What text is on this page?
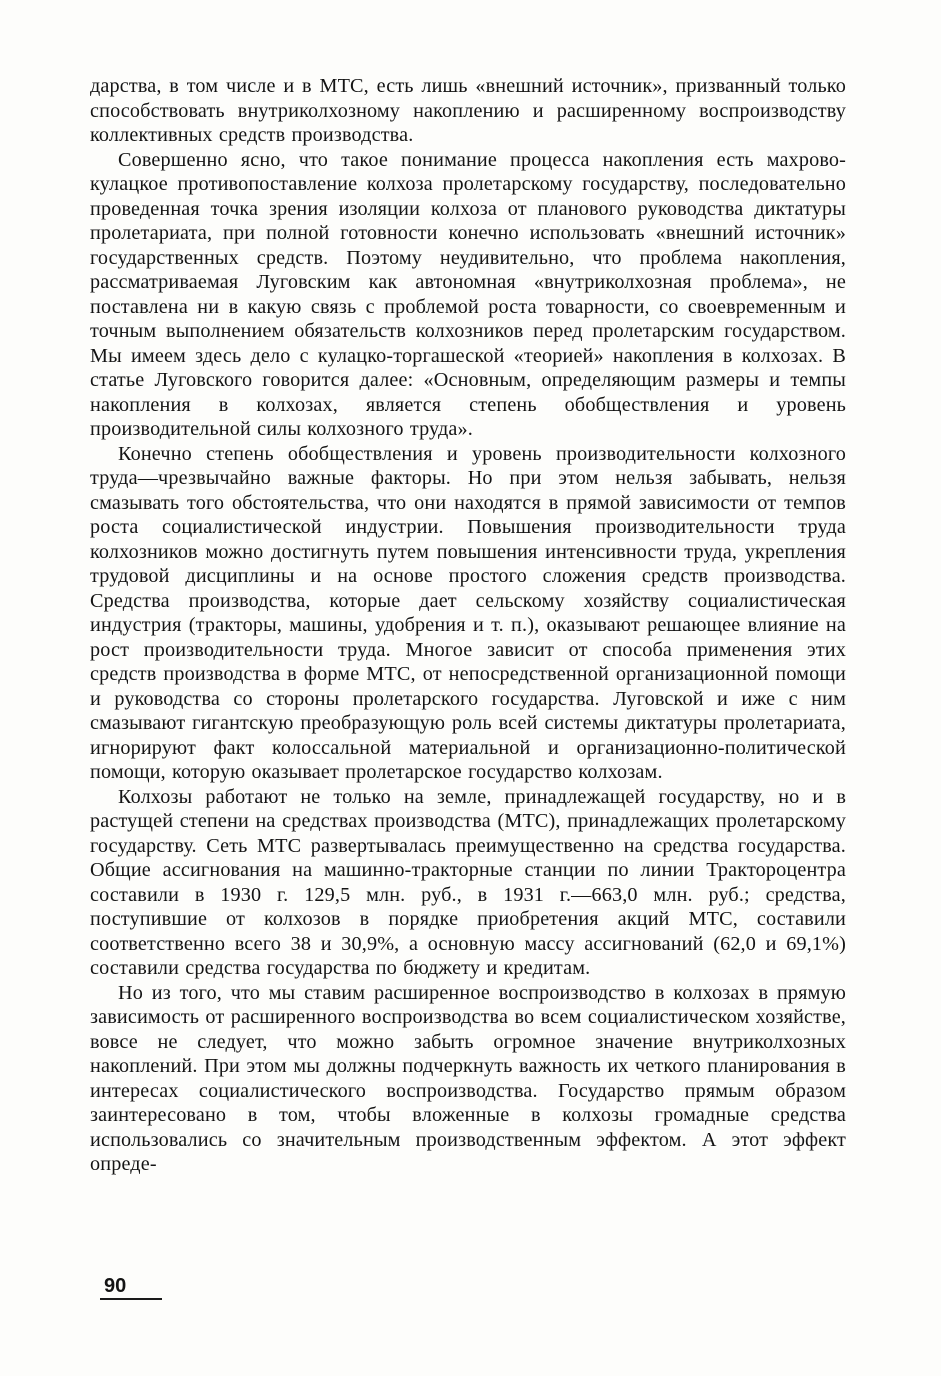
дарства, в том числе и в МТС, есть лишь «внешний источник», призванный только способствовать внутриколхозному накоплению и расширенному воспроизводству коллективных средств производства.

Совершенно ясно, что такое понимание процесса накопления есть махрово-кулацкое противопоставление колхоза пролетарскому государству, последовательно проведенная точка зрения изоляции колхоза от планового руководства диктатуры пролетариата, при полной готовности конечно использовать «внешний источник» государственных средств. Поэтому неудивительно, что проблема накопления, рассматриваемая Луговским как автономная «внутриколхозная проблема», не поставлена ни в какую связь с проблемой роста товарности, со своевременным и точным выполнением обязательств колхозников перед пролетарским государством. Мы имеем здесь дело с кулацко-торгашеской «теорией» накопления в колхозах. В статье Луговского говорится далее: «Основным, определяющим размеры и темпы накопления в колхозах, является степень обобществления и уровень производительной силы колхозного труда».

Конечно степень обобществления и уровень производительности колхозного труда—чрезвычайно важные факторы. Но при этом нельзя забывать, нельзя смазывать того обстоятельства, что они находятся в прямой зависимости от темпов роста социалистической индустрии. Повышения производительности труда колхозников можно достигнуть путем повышения интенсивности труда, укрепления трудовой дисциплины и на основе простого сложения средств производства. Средства производства, которые дает сельскому хозяйству социалистическая индустрия (тракторы, машины, удобрения и т. п.), оказывают решающее влияние на рост производительности труда. Многое зависит от способа применения этих средств производства в форме МТС, от непосредственной организационной помощи и руководства со стороны пролетарского государства. Луговской и иже с ним смазывают гигантскую преобразующую роль всей системы диктатуры пролетариата, игнорируют факт колоссальной материальной и организационно-политической помощи, которую оказывает пролетарское государство колхозам.

Колхозы работают не только на земле, принадлежащей государству, но и в растущей степени на средствах производства (МТС), принадлежащих пролетарскому государству. Сеть МТС развертывалась преимущественно на средства государства. Общие ассигнования на машинно-тракторные станции по линии Трактороцентра составили в 1930 г. 129,5 млн. руб., в 1931 г.—663,0 млн. руб.; средства, поступившие от колхозов в порядке приобретения акций МТС, составили соответственно всего 38 и 30,9%, а основную массу ассигнований (62,0 и 69,1%) составили средства государства по бюджету и кредитам.

Но из того, что мы ставим расширенное воспроизводство в колхозах в прямую зависимость от расширенного воспроизводства во всем социалистическом хозяйстве, вовсе не следует, что можно забыть огромное значение внутриколхозных накоплений. При этом мы должны подчеркнуть важность их четкого планирования в интересах социалистического воспроизводства. Государство прямым образом заинтересовано в том, чтобы вложенные в колхозы громадные средства использовались со значительным производственным эффектом. А этот эффект опреде-

90
